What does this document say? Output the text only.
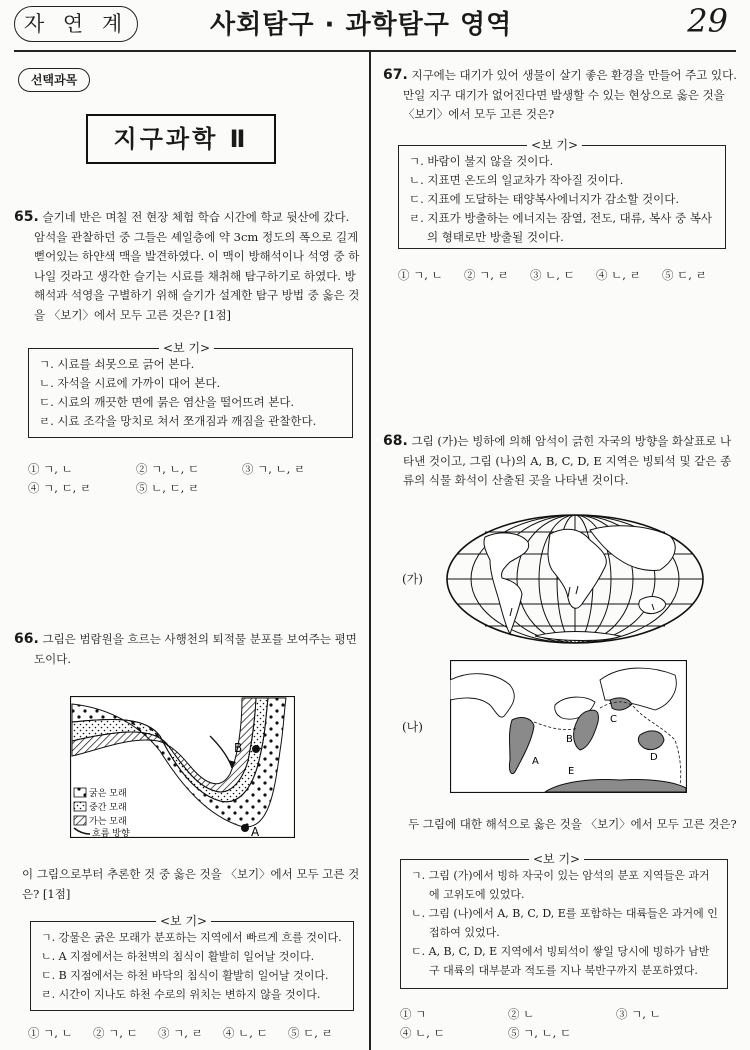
자 연 계	사회탐구 · 과학탐구 영역	29
선택과목
지구과학 Ⅱ
65. 슬기네 반은 며칠 전 현장 체험 학습 시간에 학교 뒷산에 갔다. 암석을 관찰하던 중 그들은 셰일층에 약 3cm 정도의 폭으로 길게 뻗어있는 하얀색 맥을 발견하였다. 이 맥이 방해석이나 석영 중 하나일 것라고 생각한 슬기는 시료를 채취해 탐구하기로 하였다. 방해석과 석영을 구별하기 위해 슬기가 설계한 탐구 방법 중 옳은 것을 〈보기〉에서 모두 고른 것은? [1점]
<보 기>
ㄱ. 시료를 쇠못으로 긁어 본다.
ㄴ. 자석을 시료에 가까이 대어 본다.
ㄷ. 시료의 깨끗한 면에 묽은 염산을 떨어뜨려 본다.
ㄹ. 시료 조각을 망치로 쳐서 쪼개짐과 깨짐을 관찰한다.
① ㄱ, ㄴ	② ㄱ, ㄴ, ㄷ	③ ㄱ, ㄴ, ㄹ
④ ㄱ, ㄷ, ㄹ	⑤ ㄴ, ㄷ, ㄹ
66. 그림은 범람원을 흐르는 사행천의 퇴적물 분포를 보여주는 평면도이다.
A
B
굵은 모래
중간 모래
가는 모래
흐름 방향
이 그림으로부터 추론한 것 중 옳은 것을 〈보기〉에서 모두 고른 것은? [1점]
<보 기>
ㄱ. 강물은 굵은 모래가 분포하는 지역에서 빠르게 흐를 것이다.
ㄴ. A 지점에서는 하천벽의 침식이 활발히 일어날 것이다.
ㄷ. B 지점에서는 하천 바닥의 침식이 활발히 일어날 것이다.
ㄹ. 시간이 지나도 하천 수로의 위치는 변하지 않을 것이다.
① ㄱ, ㄴ ② ㄱ, ㄷ ③ ㄱ, ㄹ ④ ㄴ, ㄷ ⑤ ㄷ, ㄹ
67. 지구에는 대기가 있어 생물이 살기 좋은 환경을 만들어 주고 있다. 만일 지구 대기가 없어진다면 발생할 수 있는 현상으로 옳은 것을 〈보기〉에서 모두 고른 것은?
<보 기>
ㄱ. 바람이 불지 않을 것이다.
ㄴ. 지표면 온도의 일교차가 작아질 것이다.
ㄷ. 지표에 도달하는 태양복사에너지가 감소할 것이다.
ㄹ. 지표가 방출하는 에너지는 잠열, 전도, 대류, 복사 중 복사의 형태로만 방출될 것이다.
① ㄱ, ㄴ ② ㄱ, ㄹ ③ ㄴ, ㄷ ④ ㄴ, ㄹ ⑤ ㄷ, ㄹ
68. 그림 (가)는 빙하에 의해 암석이 긁힌 자국의 방향을 화살표로 나타낸 것이고, 그림 (나)의 A, B, C, D, E 지역은 빙퇴석 및 같은 종류의 식물 화석이 산출된 곳을 나타낸 것이다.
(가)
(나)
A
B
C
D
E
두 그림에 대한 해석으로 옳은 것을 〈보기〉에서 모두 고른 것은?
<보 기>
ㄱ. 그림 (가)에서 빙하 자국이 있는 암석의 분포 지역들은 과거에 고위도에 있었다.
ㄴ. 그림 (나)에서 A, B, C, D, E를 포함하는 대륙들은 과거에 인접하여 있었다.
ㄷ. A, B, C, D, E 지역에서 빙퇴석이 쌓일 당시에 빙하가 남반구 대륙의 대부분과 적도를 지나 북반구까지 분포하였다.
① ㄱ	② ㄴ	③ ㄱ, ㄴ
④ ㄴ, ㄷ	⑤ ㄱ, ㄴ, ㄷ
